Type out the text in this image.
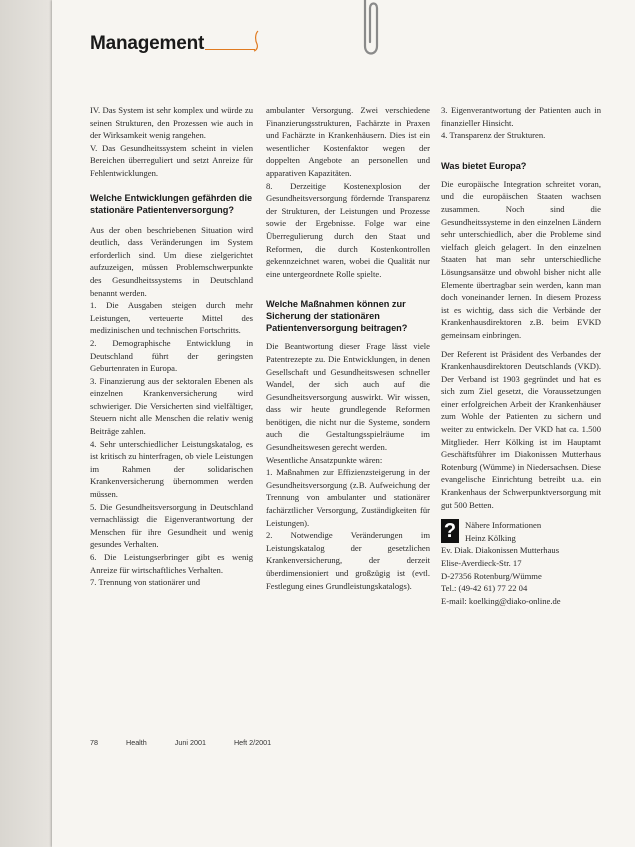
Management

IV. Das System ist sehr komplex und würde zu seinen Strukturen, den Prozessen wie auch in der Wirksamkeit wenig rangehen.

V. Das Gesundheitssystem scheint in vielen Bereichen überreguliert und setzt Anreize für Fehlentwicklungen.

Welche Entwicklungen gefährden die stationäre Patientenversorgung?

Aus der oben beschriebenen Situation wird deutlich, dass Veränderungen im System erforderlich sind. Um diese zielgerichtet aufzuzeigen, müssen Problemschwerpunkte des Gesundheitssystems in Deutschland benannt werden.

1. Die Ausgaben steigen durch mehr Leistungen, verteuerte Mittel des medizinischen und technischen Fortschritts.

2. Demographische Entwicklung in Deutschland führt der geringsten Geburtenraten in Europa.

3. Finanzierung aus der sektoralen Ebenen als einzelnen Krankenversicherung wird schwieriger. Die Versicherten sind vielfältiger, Steuern nicht alle Menschen die relativ wenig Beiträge zahlen.

4. Sehr unterschiedlicher Leistungskatalog, es ist kritisch zu hinterfragen, ob viele Leistungen im Rahmen der solidarischen Krankenversicherung übernommen werden müssen.

5. Die Gesundheitsversorgung in Deutschland vernachlässigt die Eigenverantwortung der Menschen für ihre Gesundheit und wenig gesundes Verhalten.

6. Die Leistungserbringer gibt es wenig Anreize für wirtschaftliches Verhalten.

7. Trennung von stationärer und

ambulanter Versorgung. Zwei verschiedene Finanzierungsstrukturen, Fachärzte in Praxen und Fachärzte in Krankenhäusern. Dies ist ein wesentlicher Kostenfaktor wegen der doppelten Angebote an personellen und apparativen Kapazitäten.

8. Derzeitige Kostenexplosion der Gesundheitsversorgung fördernde Transparenz der Strukturen, der Leistungen und Prozesse sowie der Ergebnisse. Folge war eine Überregulierung durch den Staat und Reformen, die durch Kostenkontrollen gekennzeichnet waren, wobei die Qualität nur eine untergeordnete Rolle spielte.

Welche Maßnahmen können zur Sicherung der stationären Patientenversorgung beitragen?

Die Beantwortung dieser Frage lässt viele Patentrezepte zu. Die Entwicklungen, in denen Gesellschaft und Gesundheitswesen schneller Wandel, der sich auch auf die Gesundheitsversorgung auswirkt. Wir wissen, dass wir heute grundlegende Reformen benötigen, die nicht nur die Systeme, sondern auch die Gestaltungsspielräume im Gesundheitswesen gerecht werden.

Wesentliche Ansatzpunkte wären:

1. Maßnahmen zur Effizienzsteigerung in der Gesundheitsversorgung (z.B. Aufweichung der Trennung von ambulanter und stationärer fachärztlicher Versorgung, Zuständigkeiten für Leistungen).

2. Notwendige Veränderungen im Leistungskatalog der gesetzlichen Krankenversicherung, der derzeit überdimensioniert und großzügig ist (evtl. Festlegung eines Grundleistungskatalogs).

3. Eigenverantwortung der Patienten auch in finanzieller Hinsicht.

4. Transparenz der Strukturen.

Was bietet Europa?

Die europäische Integration schreitet voran, und die europäischen Staaten wachsen zusammen. Noch sind die Gesundheitssysteme in den einzelnen Ländern sehr unterschiedlich, aber die Probleme sind vielfach gleich gelagert. In den einzelnen Staaten hat man sehr unterschiedliche Lösungsansätze und obwohl bisher nicht alle Elemente übertragbar sein werden, kann man doch voneinander lernen. In diesem Prozess ist es wichtig, dass sich die Verbände der Krankenhausdirektoren z.B. beim EVKD gemeinsam einbringen.

Der Referent ist Präsident des Verbandes der Krankenhausdirektoren Deutschlands (VKD). Der Verband ist 1903 gegründet und hat es sich zum Ziel gesetzt, die Voraussetzungen einer erfolgreichen Arbeit der Krankenhäuser zum Wohle der Patienten zu sichern und weiter zu entwickeln. Der VKD hat ca. 1.500 Mitglieder. Herr Kölking ist im Hauptamt Geschäftsführer im Diakonissen Mutterhaus Rotenburg (Wümme) in Niedersachsen. Diese evangelische Einrichtung betreibt u.a. ein Krankenhaus der Schwerpunktversorgung mit gut 500 Betten.

?	Nähere Informationen

Heinz Kölking

Ev. Diak. Diakonissen Mutterhaus

Elise-Averdieck-Str. 17

D-27356 Rotenburg/Wümme

Tel.: (49-42 61) 77 22 04

E-mail: koelking@diako-online.de

78	Health	Juni 2001	Heft 2/2001
